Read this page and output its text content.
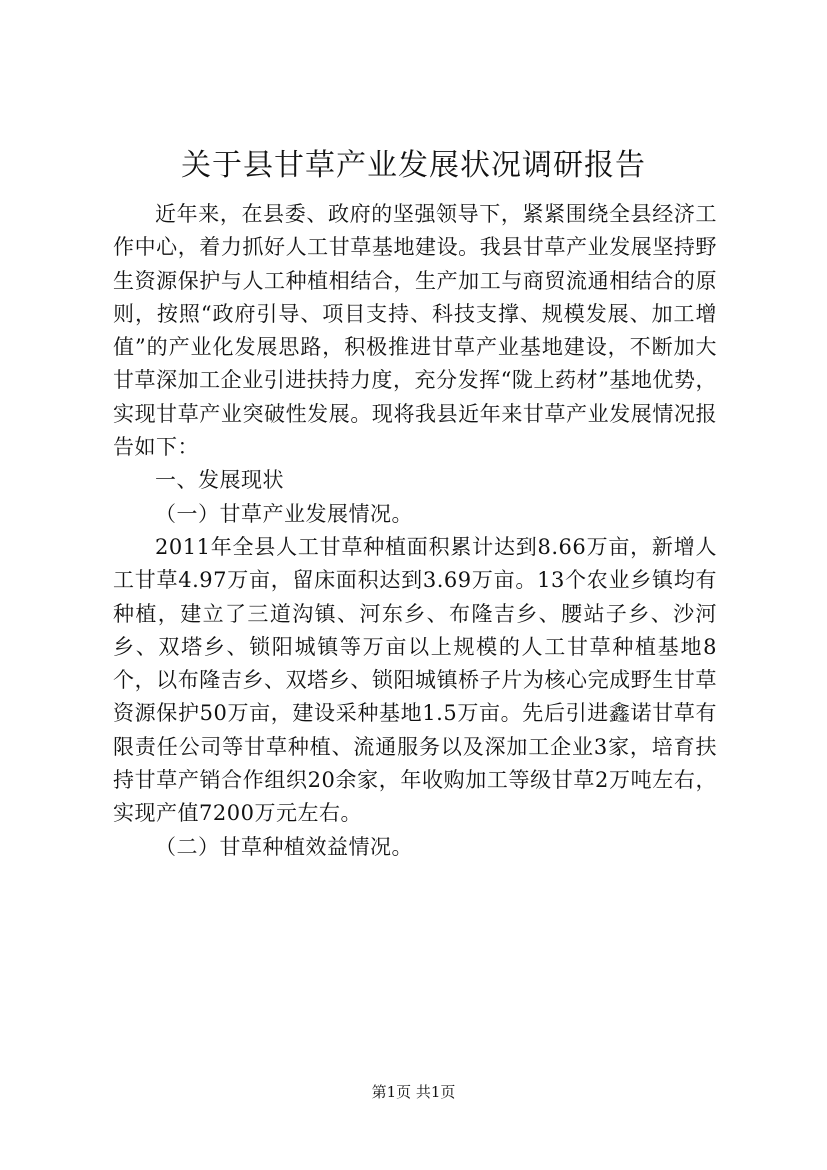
关于县甘草产业发展状况调研报告

近年来，在县委、政府的坚强领导下，紧紧围绕全县经济工作中心，着力抓好人工甘草基地建设。我县甘草产业发展坚持野生资源保护与人工种植相结合，生产加工与商贸流通相结合的原则，按照“政府引导、项目支持、科技支撑、规模发展、加工增值”的产业化发展思路，积极推进甘草产业基地建设，不断加大甘草深加工企业引进扶持力度，充分发挥“陇上药材”基地优势，实现甘草产业突破性发展。现将我县近年来甘草产业发展情况报告如下：

一、发展现状

（一）甘草产业发展情况。

2011年全县人工甘草种植面积累计达到8.66万亩，新增人工甘草4.97万亩，留床面积达到3.69万亩。13个农业乡镇均有种植，建立了三道沟镇、河东乡、布隆吉乡、腰站子乡、沙河乡、双塔乡、锁阳城镇等万亩以上规模的人工甘草种植基地8个，以布隆吉乡、双塔乡、锁阳城镇桥子片为核心完成野生甘草资源保护50万亩，建设采种基地1.5万亩。先后引进鑫诺甘草有限责任公司等甘草种植、流通服务以及深加工企业3家，培育扶持甘草产销合作组织20余家，年收购加工等级甘草2万吨左右，实现产值7200万元左右。

（二）甘草种植效益情况。

第1页 共1页
